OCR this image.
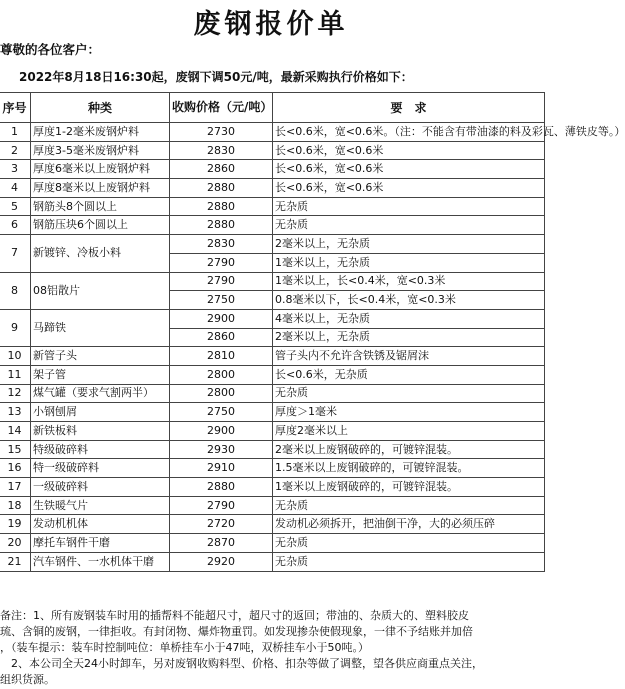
废钢报价单
尊敬的各位客户：
2022年8月18日16:30起，废钢下调50元/吨，最新采购执行价格如下：
序号	种类	收购价格（元/吨）	要　求
1	厚度1-2毫米废钢炉料	2730	长<0.6米，宽<0.6米。（注：不能含有带油漆的料及彩瓦、薄铁皮等。）
2	厚度3-5毫米废钢炉料	2830	长<0.6米，宽<0.6米
3	厚度6毫米以上废钢炉料	2860	长<0.6米，宽<0.6米
4	厚度8毫米以上废钢炉料	2880	长<0.6米，宽<0.6米
5	钢筋头8个圆以上	2880	无杂质
6	钢筋压块6个圆以上	2880	无杂质
7	新镀锌、冷板小料	2830	2毫米以上，无杂质
		2790	1毫米以上，无杂质
8	08铝散片	2790	1毫米以上，长<0.4米，宽<0.3米
		2750	0.8毫米以下，长<0.4米，宽<0.3米
9	马蹄铁	2900	4毫米以上，无杂质
		2860	2毫米以上，无杂质
10	新管子头	2810	管子头内不允许含铁锈及锯屑沫
11	架子管	2800	长<0.6米，无杂质
12	煤气罐（要求气割两半）	2800	无杂质
13	小钢刨屑	2750	厚度＞1毫米
14	新铁板料	2900	厚度2毫米以上
15	特级破碎料	2930	2毫米以上废钢破碎的，可镀锌混装。
16	特一级破碎料	2910	1.5毫米以上废钢破碎的，可镀锌混装。
17	一级破碎料	2880	1毫米以上废钢破碎的，可镀锌混装。
18	生铁暖气片	2790	无杂质
19	发动机机体	2720	发动机必须拆开，把油倒干净，大的必须压碎
20	摩托车钢件干磨	2870	无杂质
21	汽车钢件、一水机体干磨	2920	无杂质
备注：1、所有废钢装车时用的插帮料不能超尺寸，超尺寸的返回；带油的、杂质大的、塑料胶皮
琉、含铜的废钢，一律拒收。有封闭物、爆炸物重罚。如发现掺杂使假现象，一律不予结账并加倍
，（装车提示：装车时控制吨位：单桥挂车小于47吨，双桥挂车小于50吨。）
　2、本公司全天24小时卸车，另对废钢收购料型、价格、扣杂等做了调整，望各供应商重点关注，
组织货源。
